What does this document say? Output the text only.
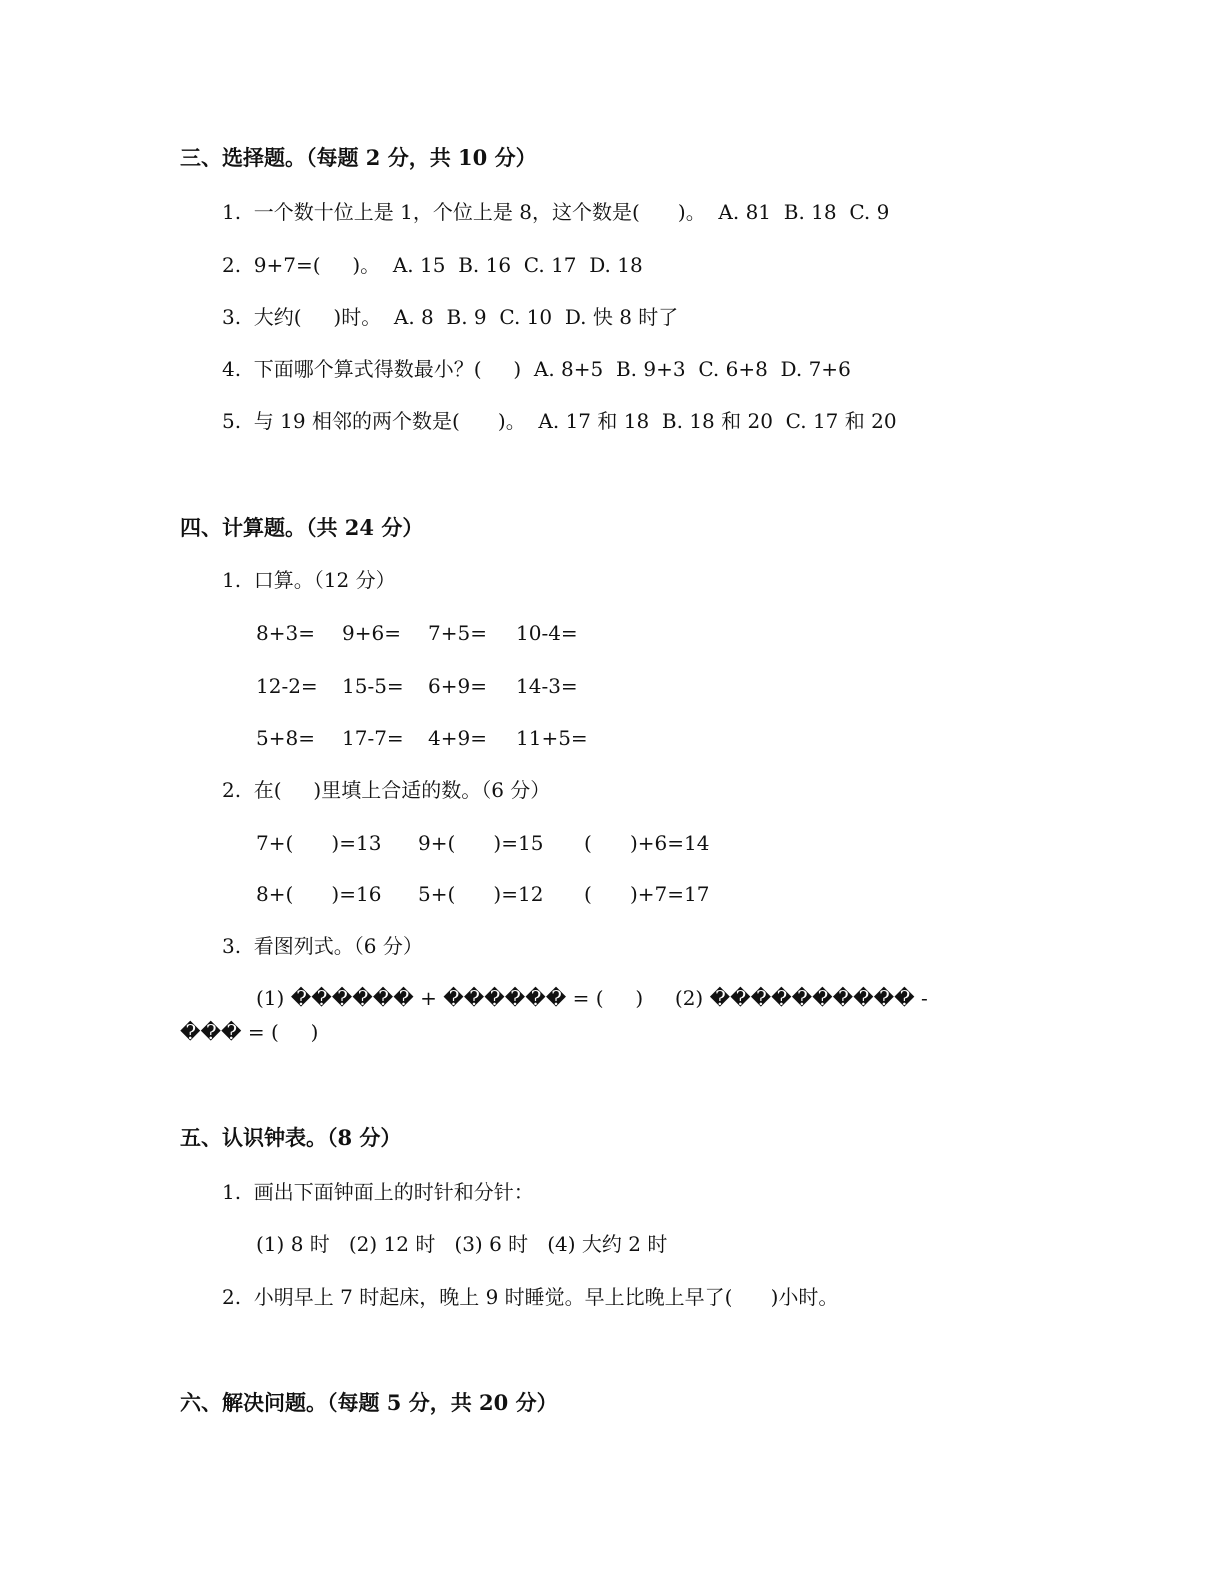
三、选择题。（每题 2 分，共 10 分）
1.  一个数十位上是 1，个位上是 8，这个数是(      )。  A. 81  B. 18  C. 9
2.  9+7=(     )。  A. 15  B. 16  C. 17  D. 18
3.  大约(     )时。  A. 8  B. 9  C. 10  D. 快 8 时了
4.  下面哪个算式得数最小？(     )  A. 8+5  B. 9+3  C. 6+8  D. 7+6
5.  与 19 相邻的两个数是(      )。  A. 17 和 18  B. 18 和 20  C. 17 和 20
四、计算题。（共 24 分）
1.  口算。（12 分）
8+3= 9+6= 7+5= 10-4=
12-2= 15-5= 6+9= 14-3=
5+8= 17-7= 4+9= 11+5=
2.  在(     )里填上合适的数。（6 分）
7+(      )=13 9+(      )=15 (      )+6=14
8+(      )=16 5+(      )=12 (      )+7=17
3.  看图列式。（6 分）
(1) ������ + ������ = (     )     (2) ���������� -
��� = (     )
五、认识钟表。（8 分）
1.  画出下面钟面上的时针和分针：
(1) 8 时   (2) 12 时   (3) 6 时   (4) 大约 2 时
2.  小明早上 7 时起床，晚上 9 时睡觉。早上比晚上早了(      )小时。
六、解决问题。（每题 5 分，共 20 分）
